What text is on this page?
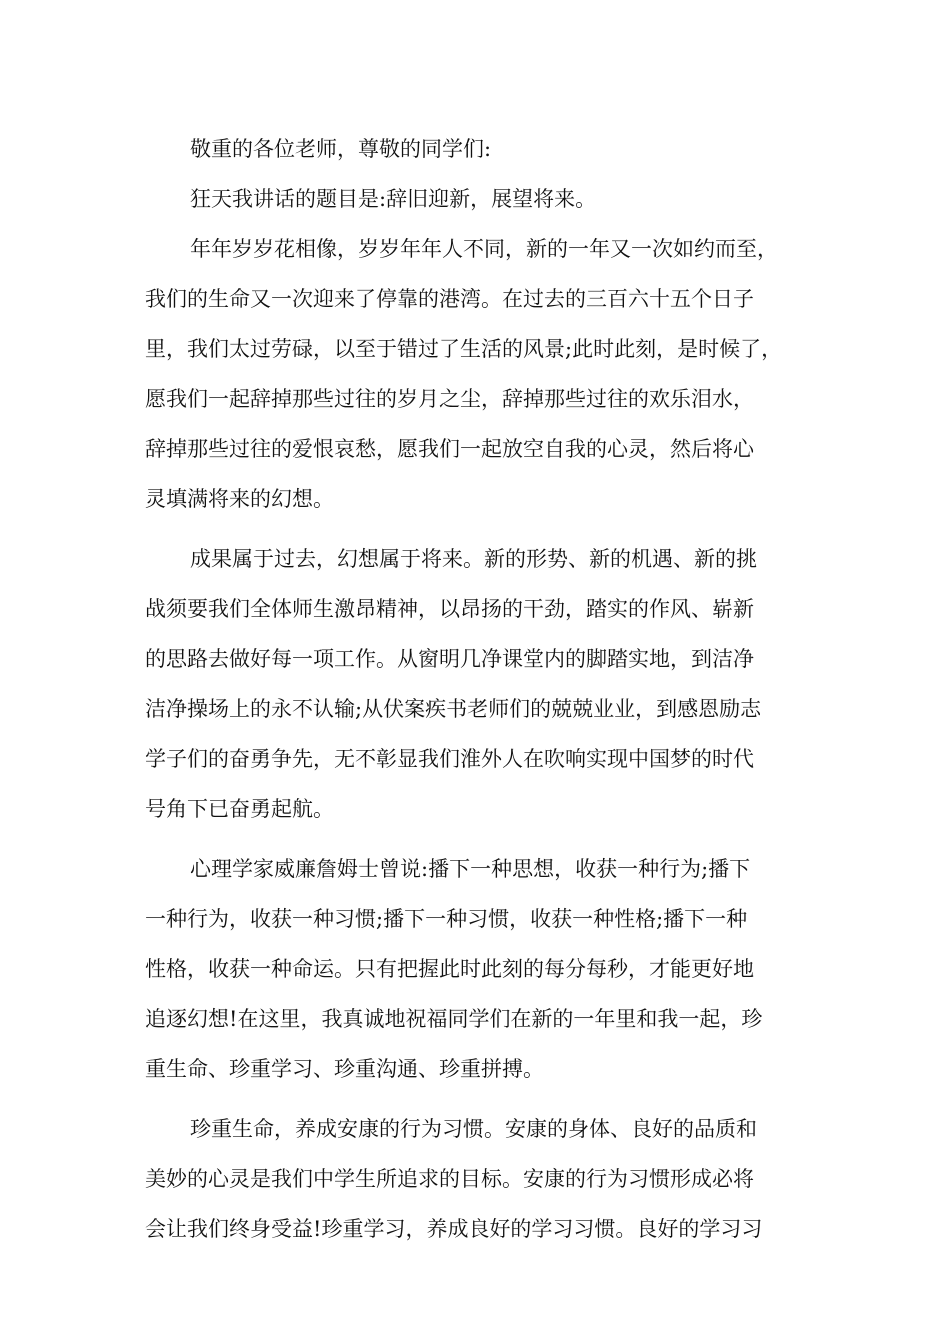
敬重的各位老师，尊敬的同学们:
狂天我讲话的题目是:辞旧迎新，展望将来。
年年岁岁花相像，岁岁年年人不同，新的一年又一次如约而至，
我们的生命又一次迎来了停靠的港湾。在过去的三百六十五个日子
里，我们太过劳碌，以至于错过了生活的风景;此时此刻，是时候了，
愿我们一起辞掉那些过往的岁月之尘，辞掉那些过往的欢乐泪水，
辞掉那些过往的爱恨哀愁，愿我们一起放空自我的心灵，然后将心
灵填满将来的幻想。
成果属于过去，幻想属于将来。新的形势、新的机遇、新的挑
战须要我们全体师生激昂精神，以昂扬的干劲，踏实的作风、崭新
的思路去做好每一项工作。从窗明几净课堂内的脚踏实地，到洁净
洁净操场上的永不认输;从伏案疾书老师们的兢兢业业，到感恩励志
学子们的奋勇争先，无不彰显我们淮外人在吹响实现中国梦的时代
号角下已奋勇起航。
心理学家威廉詹姆士曾说:播下一种思想，收获一种行为;播下
一种行为，收获一种习惯;播下一种习惯，收获一种性格;播下一种
性格，收获一种命运。只有把握此时此刻的每分每秒，才能更好地
追逐幻想!在这里，我真诚地祝福同学们在新的一年里和我一起，珍
重生命、珍重学习、珍重沟通、珍重拼搏。
珍重生命，养成安康的行为习惯。安康的身体、良好的品质和
美妙的心灵是我们中学生所追求的目标。安康的行为习惯形成必将
会让我们终身受益!珍重学习，养成良好的学习习惯。良好的学习习
